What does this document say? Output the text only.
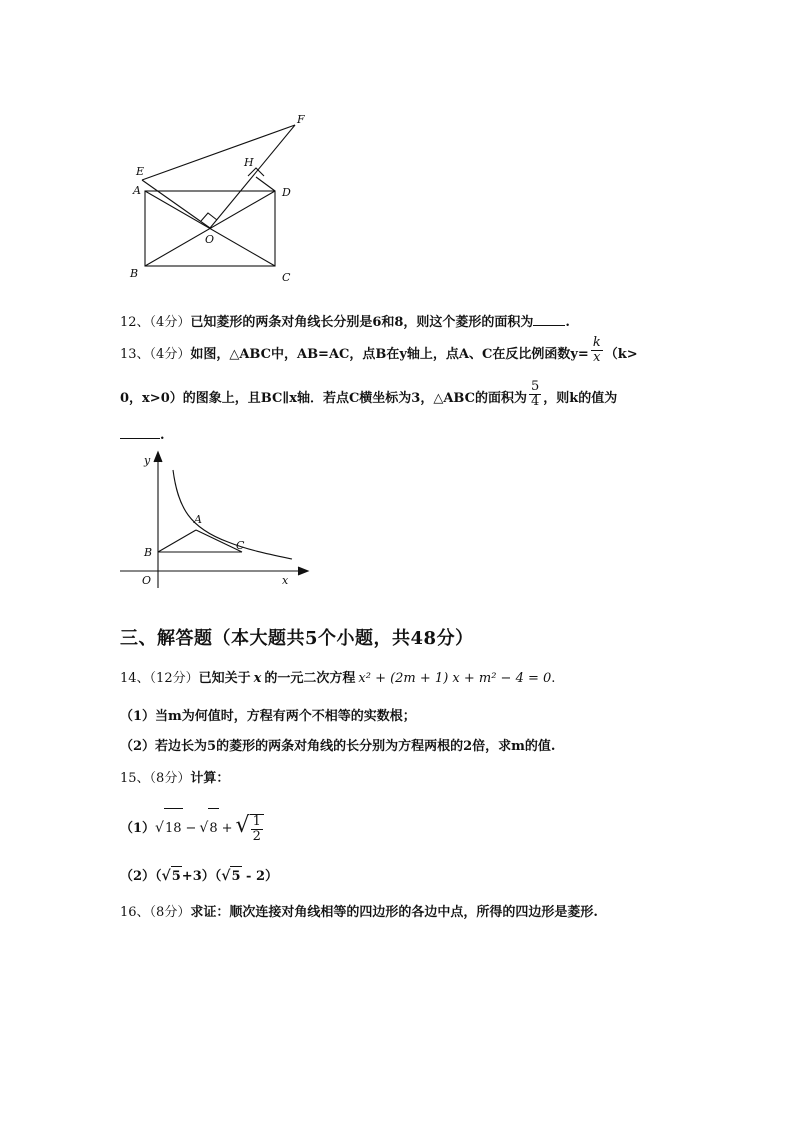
E
F
H
A	D
O
B	C
12、（4分）已知菱形的两条对角线长分别是6和8，则这个菱形的面积为 .
13、（4分）如图，△ABC中，AB=AC，点B在y轴上，点A、C在反比例函数$y= \frac{k}{x} (k>$
0，x>0）的图象上，且BC∥x轴．若点C横坐标为3，△ABC的面积为 $\frac{5}{4}$ ，则k的值为
.
y
x
O
A
B
C
三、解答题（本大题共5个小题，共48分）
14、（12分）已知关于 x 的一元二次方程 x² + (2m + 1) x + m² − 4 = 0.
（1）当m为何值时，方程有两个不相等的实数根；
（2）若边长为5的菱形的两条对角线的长分别为方程两根的2倍，求m的值.
15、（8分）计算：
（1）√18 − √8 + √ $\frac{1}{2}$
（2）（√5+3）（√5 - 2）
16、（8分）求证：顺次连接对角线相等的四边形的各边中点，所得的四边形是菱形.
